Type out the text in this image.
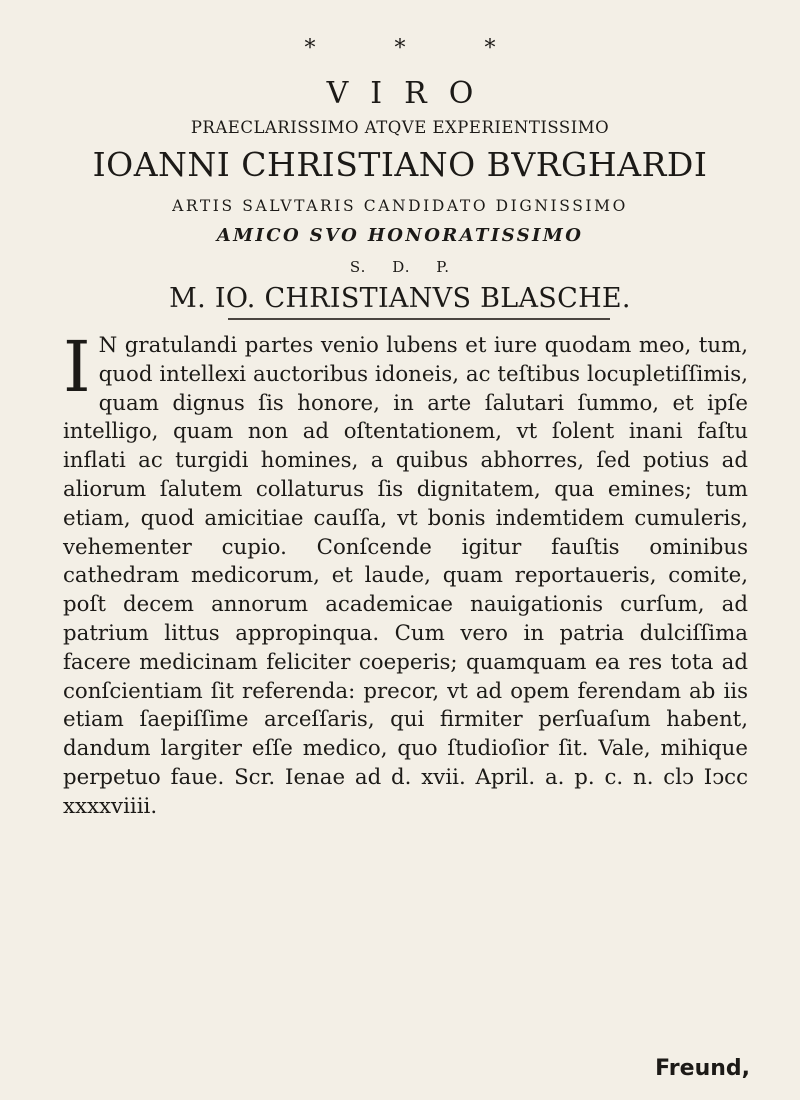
* * *
VIRO
PRAECLARISSIMO ATQVE EXPERIENTISSIMO
IOANNI CHRISTIANO BVRGHARDI
ARTIS SALVTARIS CANDIDATO DIGNISSIMO
AMICO SVO HONORATISSIMO
S. D. P.
M. IO. CHRISTIANVS BLASCHE.
I N gratulandi partes venio lubens et iure quodam meo, tum, quod intellexi auctoribus idoneis, ac teſtibus locupletiſſimis, quam dignus ſis honore, in arte ſalutari ſummo, et ipſe intelligo, quam non ad oſtentationem, vt ſolent inani faſtu inflati ac turgidi homines, a quibus abhorres, ſed potius ad aliorum ſalutem collaturus ſis dignitatem, qua emines; tum etiam, quod amicitiae cauſſa, vt bonis indemtidem cumuleris, vehementer cupio. Conſcende igitur fauſtis ominibus cathedram medicorum, et laude, quam reportaueris, comite, poſt decem annorum academicae nauigationis curſum, ad patrium littus appropinqua. Cum vero in patria dulciſſima facere medicinam feliciter coeperis; quamquam ea res tota ad conſcientiam ſit referenda: precor, vt ad opem ferendam ab iis etiam ſaepiſſime arceſſaris, qui firmiter perſuaſum habent, dandum largiter eſſe medico, quo ſtudioſior ſit. Vale, mihique perpetuo faue. Scr. Ienae ad d. xvii. April. a. p. c. n. clↄ Iↄcc xxxxviiii.
Freund,
